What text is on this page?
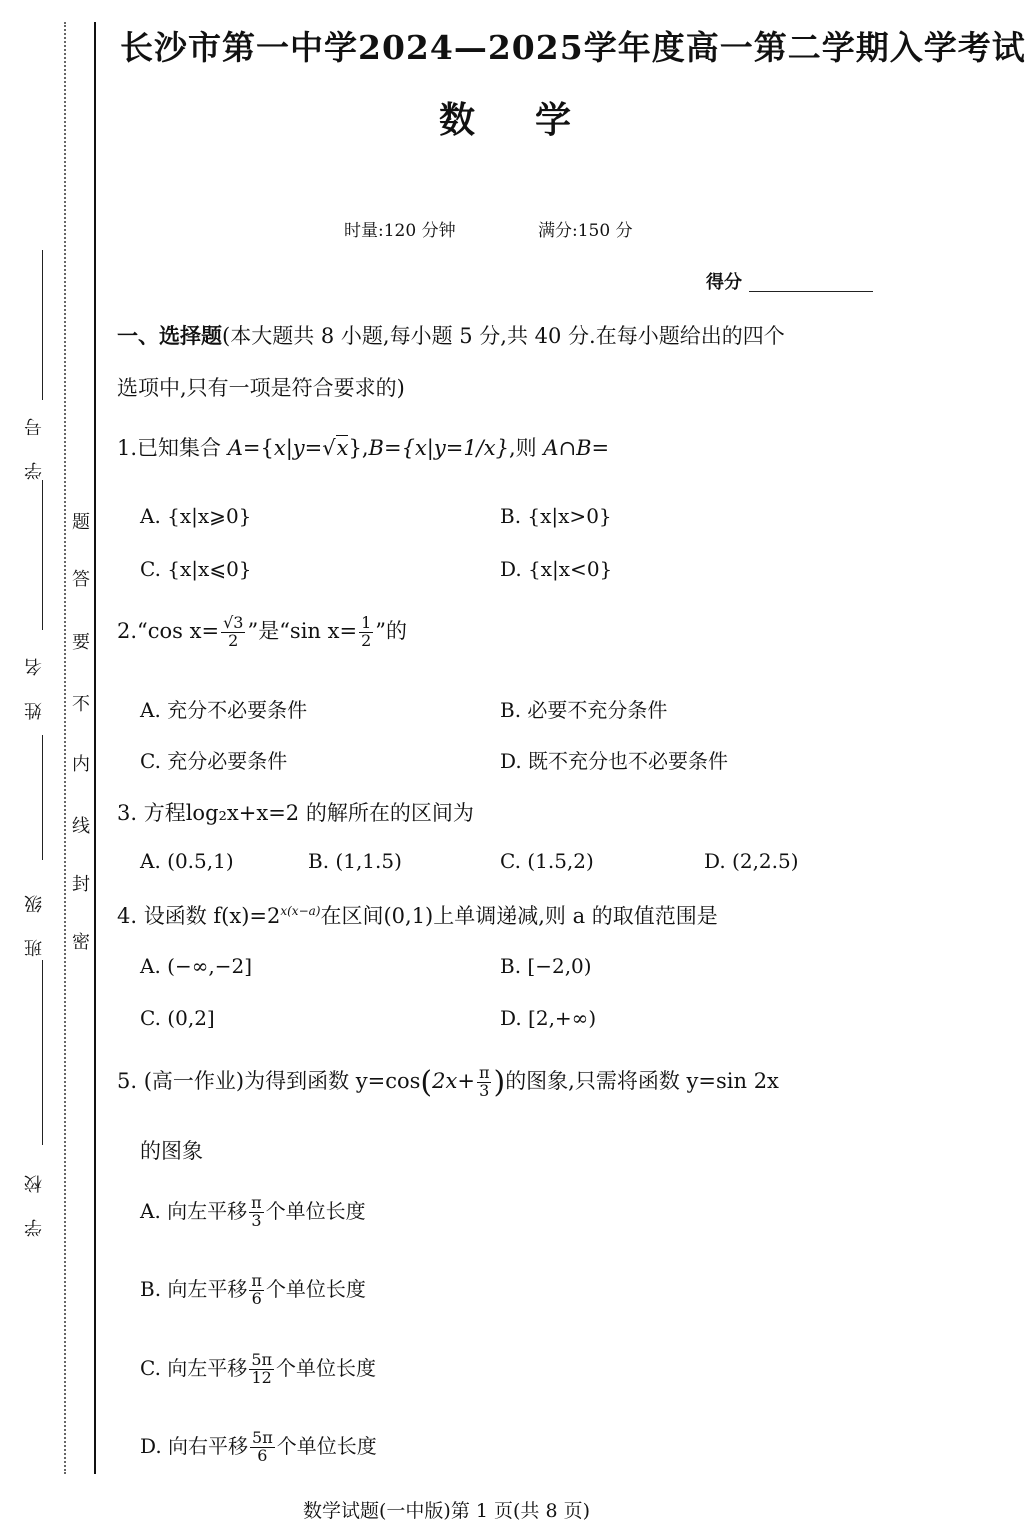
学 号
姓 名
班 级
学 校
题
答
要
不
内
线
封
密
长沙市第一中学2024—2025学年度高一第二学期入学考试
数学
时量:120 分钟	满分:150 分
得分
一、选择题(本大题共 8 小题,每小题 5 分,共 40 分.在每小题给出的四个
选项中,只有一项是符合要求的)
1.已知集合 A={x|y=√x},B={x|y=1/x},则 A∩B=
A. {x|x⩾0}	B. {x|x>0}
C. {x|x⩽0}	D. {x|x<0}
2.“cos $x= \frac{√3}{2}$ ”是“sin $x= \frac{1}{2}$ ”的
A. 充分不必要条件	B. 必要不充分条件
C. 充分必要条件	D. 既不充分也不必要条件
3. 方程log₂x+x=2 的解所在的区间为
A. (0.5,1)	B. (1,1.5)	C. (1.5,2)	D. (2,2.5)
4. 设函数 $f(x)=2^{x(x-a)}$在区间(0,1)上单调递减,则 a 的取值范围是
A. (−∞,−2]	B. [−2,0)
C. (0,2]	D. [2,+∞)
5. (高一作业)为得到函数 $y=\cos(2x+ \frac{\pi}{3}$ )的图象,只需将函数 y=sin 2x
的图象
A. 向左平移 $\frac{\pi}{3}$ 个单位长度
B. 向左平移 $\frac{\pi}{6}$ 个单位长度
C. 向左平移 $\frac{5\pi}{12}$ 个单位长度
D. 向右平移 $\frac{5\pi}{6}$ 个单位长度
数学试题(一中版)第 1 页(共 8 页)
